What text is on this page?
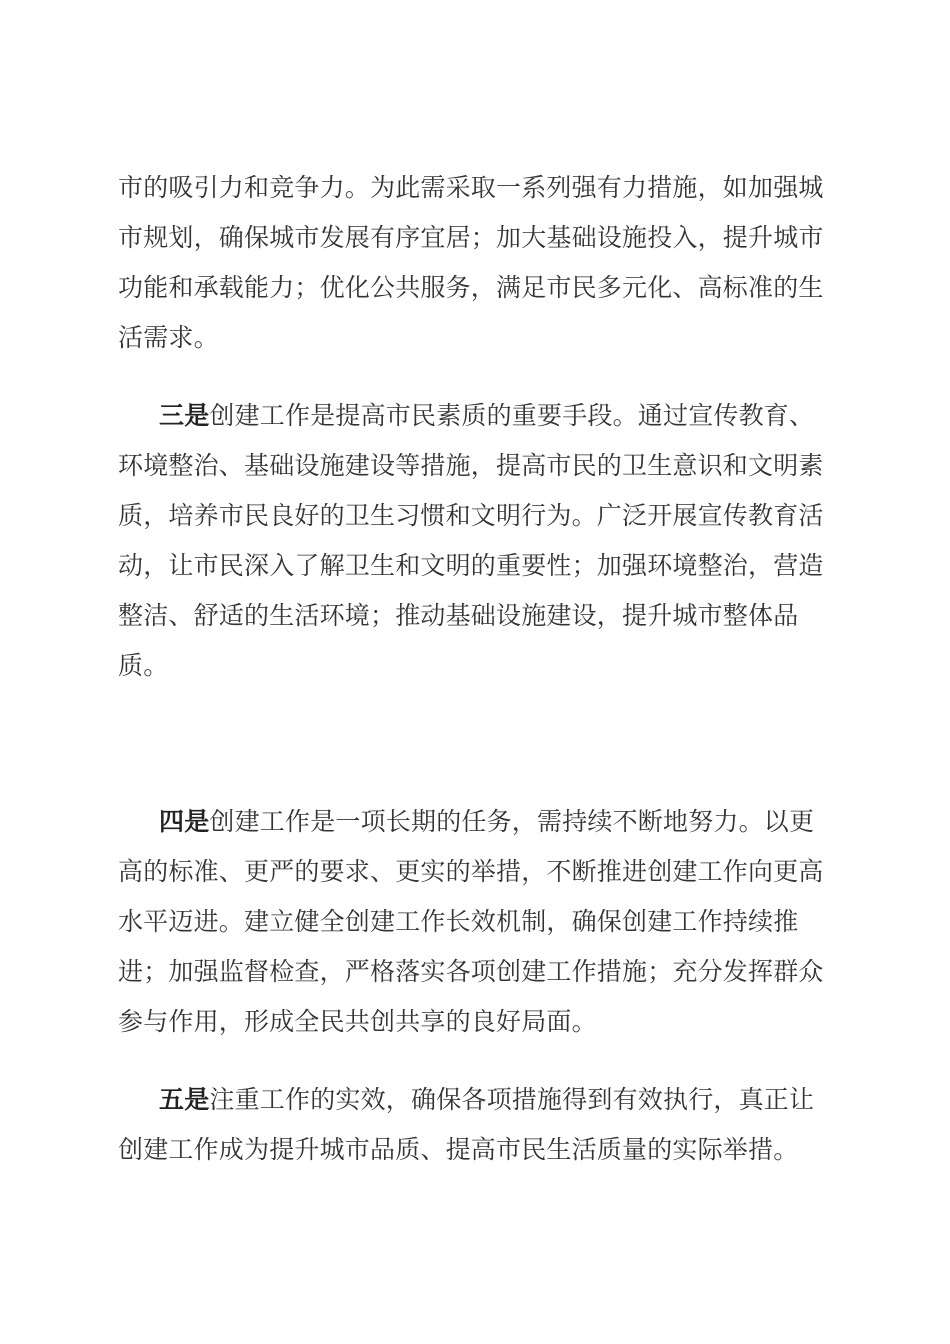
市的吸引力和竞争力。为此需采取一系列强有力措施，如加强城市规划，确保城市发展有序宜居；加大基础设施投入，提升城市功能和承载能力；优化公共服务，满足市民多元化、高标准的生活需求。

三是创建工作是提高市民素质的重要手段。通过宣传教育、环境整治、基础设施建设等措施，提高市民的卫生意识和文明素质，培养市民良好的卫生习惯和文明行为。广泛开展宣传教育活动，让市民深入了解卫生和文明的重要性；加强环境整治，营造整洁、舒适的生活环境；推动基础设施建设，提升城市整体品质。

四是创建工作是一项长期的任务，需持续不断地努力。以更高的标准、更严的要求、更实的举措，不断推进创建工作向更高水平迈进。建立健全创建工作长效机制，确保创建工作持续推进；加强监督检查，严格落实各项创建工作措施；充分发挥群众参与作用，形成全民共创共享的良好局面。

五是注重工作的实效，确保各项措施得到有效执行，真正让创建工作成为提升城市品质、提高市民生活质量的实际举措。
